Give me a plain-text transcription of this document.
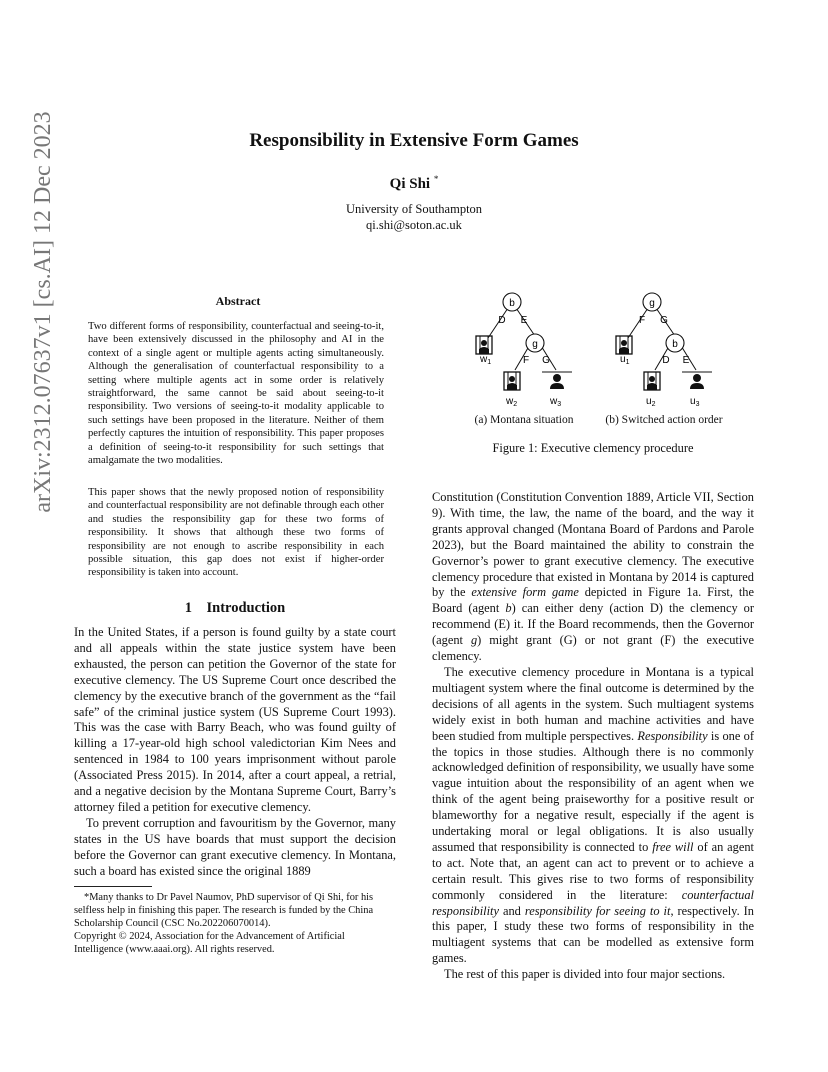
arXiv:2312.07637v1 [cs.AI] 12 Dec 2023	Responsibility in Extensive Form Games
Qi Shi *
University of Southampton
qi.shi@soton.ac.uk
Abstract
Two different forms of responsibility, counterfactual and seeing-to-it, have been extensively discussed in the philosophy and AI in the context of a single agent or multiple agents acting simultaneously. Although the generalisation of counterfactual responsibility to a setting where multiple agents act in some order is relatively straightforward, the same cannot be said about seeing-to-it responsibility. Two versions of seeing-to-it modality applicable to such settings have been proposed in the literature. Neither of them perfectly captures the intuition of responsibility. This paper proposes a definition of seeing-to-it responsibility for such settings that amalgamate the two modalities.
This paper shows that the newly proposed notion of responsibility and counterfactual responsibility are not definable through each other and studies the responsibility gap for these two forms of responsibility. It shows that although these two forms of responsibility are not enough to ascribe responsibility in each possible situation, this gap does not exist if higher-order responsibility is taken into account.
1 Introduction

In the United States, if a person is found guilty by a state court and all appeals within the state justice system have been exhausted, the person can petition the Governor of the state for executive clemency. The US Supreme Court once described the clemency by the executive branch of the government as the “fail safe” of the criminal justice system (US Supreme Court 1993). This was the case with Barry Beach, who was found guilty of killing a 17-year-old high school valedictorian Kim Nees and sentenced in 1984 to 100 years imprisonment without parole (Associated Press 2015). In 2014, after a court appeal, a retrial, and a negative decision by the Montana Supreme Court, Barry’s attorney filed a petition for executive clemency.

To prevent corruption and favouritism by the Governor, many states in the US have boards that must support the decision before the Governor can grant executive clemency. In Montana, such a board has existed since the original 1889

*Many thanks to Dr Pavel Naumov, PhD supervisor of Qi Shi, for his selfless help in finishing this paper. The research is funded by the China Scholarship Council (CSC No.202206070014).

Copyright © 2024, Association for the Advancement of Artificial Intelligence (www.aaai.org). All rights reserved.

b
D E
g
F G
$w_1$
$w_2$	$w_3$
g
F G
b
D E
$u_1$
$u_2$	$u_3$
(a) Montana situation	(b) Switched action order
Figure 1: Executive clemency procedure

Constitution (Constitution Convention 1889, Article VII, Section 9). With time, the law, the name of the board, and the way it grants approval changed (Montana Board of Pardons and Parole 2023), but the Board maintained the ability to constrain the Governor’s power to grant executive clemency. The executive clemency procedure that existed in Montana by 2014 is captured by the extensive form game depicted in Figure 1a. First, the Board (agent b) can either deny (action D) the clemency or recommend (E) it. If the Board recommends, then the Governor (agent g) might grant (G) or not grant (F) the executive clemency.

The executive clemency procedure in Montana is a typical multiagent system where the final outcome is determined by the decisions of all agents in the system. Such multiagent systems widely exist in both human and machine activities and have been studied from multiple perspectives. Responsibility is one of the topics in those studies. Although there is no commonly acknowledged definition of responsibility, we usually have some vague intuition about the responsibility of an agent when we think of the agent being praiseworthy for a positive result or blameworthy for a negative result, especially if the agent is undertaking moral or legal obligations. It is also usually assumed that responsibility is connected to free will of an agent to act. Note that, an agent can act to prevent or to achieve a certain result. This gives rise to two forms of responsibility commonly considered in the literature: counterfactual responsibility and responsibility for seeing to it, respectively. In this paper, I study these two forms of responsibility in the multiagent systems that can be modelled as extensive form games.

The rest of this paper is divided into four major sections.
